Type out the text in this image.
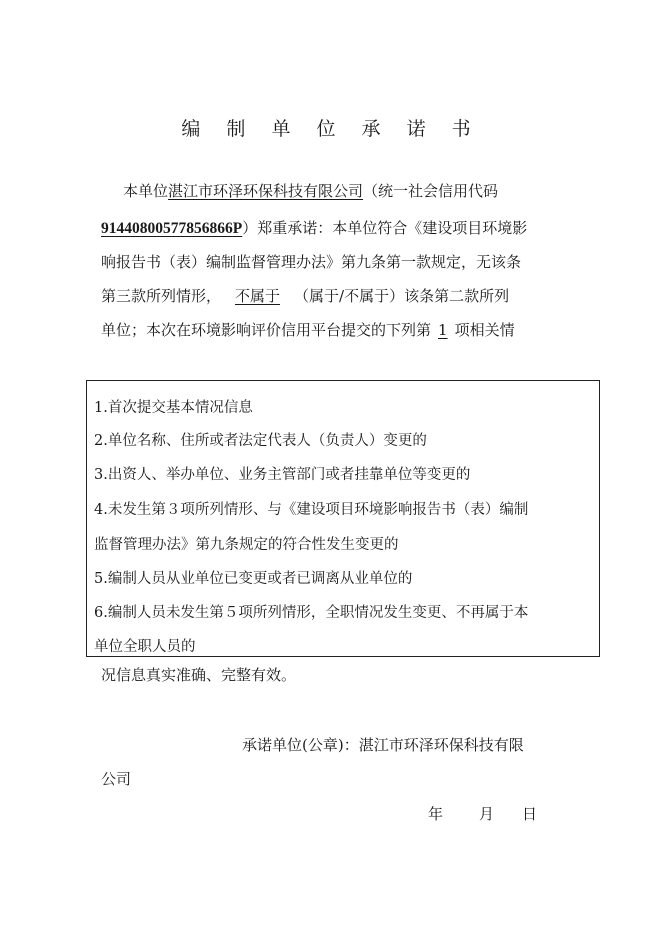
编 制 单 位 承 诺 书
本单位湛江市环泽环保科技有限公司（统一社会信用代码
91440800577856866P）郑重承诺：本单位符合《建设项目环境影
响报告书（表）编制监督管理办法》第九条第一款规定，无该条
第三款所列情形， 不属于 （属于/不属于）该条第二款所列
单位；本次在环境影响评价信用平台提交的下列第 1 项相关情
1.首次提交基本情况信息
2.单位名称、住所或者法定代表人（负责人）变更的
3.出资人、举办单位、业务主管部门或者挂靠单位等变更的
4.未发生第３项所列情形、与《建设项目环境影响报告书（表）编制
监督管理办法》第九条规定的符合性发生变更的
5.编制人员从业单位已变更或者已调离从业单位的
6.编制人员未发生第５项所列情形，全职情况发生变更、不再属于本
单位全职人员的
况信息真实准确、完整有效。
承诺单位(公章)：湛江市环泽环保科技有限
公司
年 月 日
